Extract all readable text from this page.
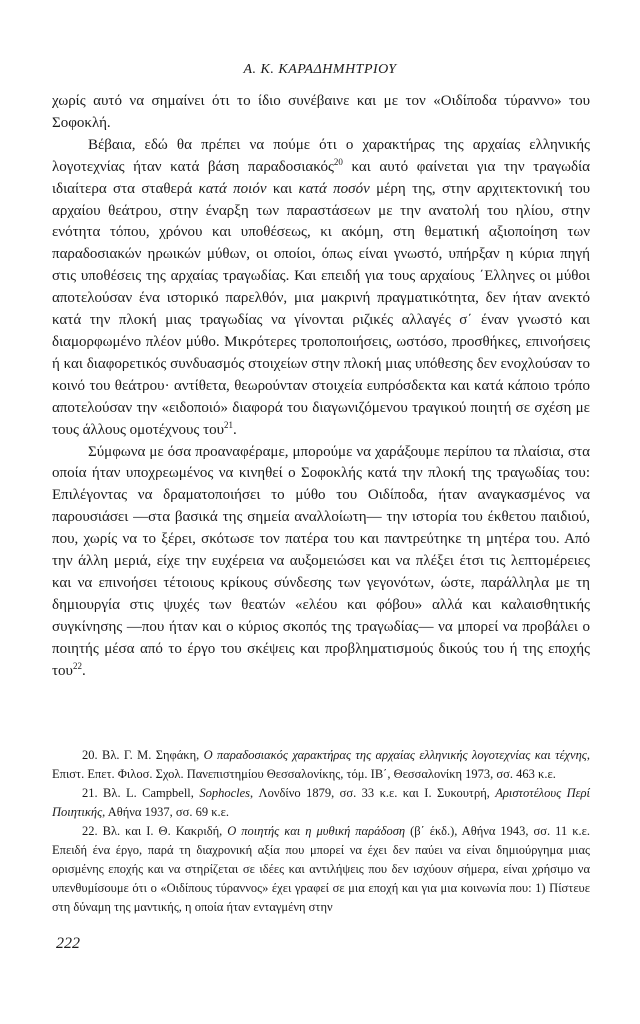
Α. Κ. ΚΑΡΑΔΗΜΗΤΡΙΟΥ

χωρίς αυτό να σημαίνει ότι το ίδιο συνέβαινε και με τον «Οιδίποδα τύραννο» του Σοφοκλή.

Βέβαια, εδώ θα πρέπει να πούμε ότι ο χαρακτήρας της αρχαίας ελληνικής λογοτεχνίας ήταν κατά βάση παραδοσιακός$^{20}$ και αυτό φαίνεται για την τραγωδία ιδιαίτερα στα σταθερά κατά ποιόν και κατά ποσόν μέρη της, στην αρχιτεκτονική του αρχαίου θεάτρου, στην έναρξη των παραστάσεων με την ανατολή του ηλίου, στην ενότητα τόπου, χρόνου και υποθέσεως, κι ακόμη, στη θεματική αξιοποίηση των παραδοσιακών ηρωικών μύθων, οι οποίοι, όπως είναι γνωστό, υπήρξαν η κύρια πηγή στις υποθέσεις της αρχαίας τραγωδίας. Και επειδή για τους αρχαίους ΄Ελληνες οι μύθοι αποτελούσαν ένα ιστορικό παρελθόν, μια μακρινή πραγματικότητα, δεν ήταν ανεκτό κατά την πλοκή μιας τραγωδίας να γίνονται ριζικές αλλαγές σ΄ έναν γνωστό και διαμορφωμένο πλέον μύθο. Μικρότερες τροποποιήσεις, ωστόσο, προσθήκες, επινοήσεις ή και διαφορετικός συνδυασμός στοιχείων στην πλοκή μιας υπόθεσης δεν ενοχλούσαν το κοινό του θεάτρου· αντίθετα, θεωρούνταν στοιχεία ευπρόσδεκτα και κατά κάποιο τρόπο αποτελούσαν την «ειδοποιό» διαφορά του διαγωνιζόμενου τραγικού ποιητή σε σχέση με τους άλλους ομοτέχνους του$^{21}$.

Σύμφωνα με όσα προαναφέραμε, μπορούμε να χαράξουμε περίπου τα πλαίσια, στα οποία ήταν υποχρεωμένος να κινηθεί ο Σοφοκλής κατά την πλοκή της τραγωδίας του: Επιλέγοντας να δραματοποιήσει το μύθο του Οιδίποδα, ήταν αναγκασμένος να παρουσιάσει —στα βασικά της σημεία αναλλοίωτη— την ιστορία του έκθετου παιδιού, που, χωρίς να το ξέρει, σκότωσε τον πατέρα του και παντρεύτηκε τη μητέρα του. Από την άλλη μεριά, είχε την ευχέρεια να αυξομειώσει και να πλέξει έτσι τις λεπτομέρειες και να επινοήσει τέτοιους κρίκους σύνδεσης των γεγονότων, ώστε, παράλληλα με τη δημιουργία στις ψυχές των θεατών «ελέου και φόβου» αλλά και καλαισθητικής συγκίνησης —που ήταν και ο κύριος σκοπός της τραγωδίας— να μπορεί να προβάλει ο ποιητής μέσα από το έργο του σκέψεις και προβληματισμούς δικούς του ή της εποχής του$^{22}$.

20. Βλ. Γ. Μ. Σηφάκη, Ο παραδοσιακός χαρακτήρας της αρχαίας ελληνικής λογοτεχνίας και τέχνης, Επιστ. Επετ. Φιλοσ. Σχολ. Πανεπιστημίου Θεσσαλονίκης, τόμ. ΙΒ΄, Θεσσαλονίκη 1973, σσ. 463 κ.ε.

21. Βλ. L. Campbell, Sophocles, Λονδίνο 1879, σσ. 33 κ.ε. και Ι. Συκουτρή, Αριστοτέλους Περί Ποιητικής, Αθήνα 1937, σσ. 69 κ.ε.

22. Βλ. και Ι. Θ. Κακριδή, Ο ποιητής και η μυθική παράδοση (β΄ έκδ.), Αθήνα 1943, σσ. 11 κ.ε. Επειδή ένα έργο, παρά τη διαχρονική αξία που μπορεί να έχει δεν παύει να είναι δημιούργημα μιας ορισμένης εποχής και να στηρίζεται σε ιδέες και αντιλήψεις που δεν ισχύουν σήμερα, είναι χρήσιμο να υπενθυμίσουμε ότι ο «Οιδίπους τύραννος» έχει γραφεί σε μια εποχή και για μια κοινωνία που: 1) Πίστευε στη δύναμη της μαντικής, η οποία ήταν ενταγμένη στην

222
